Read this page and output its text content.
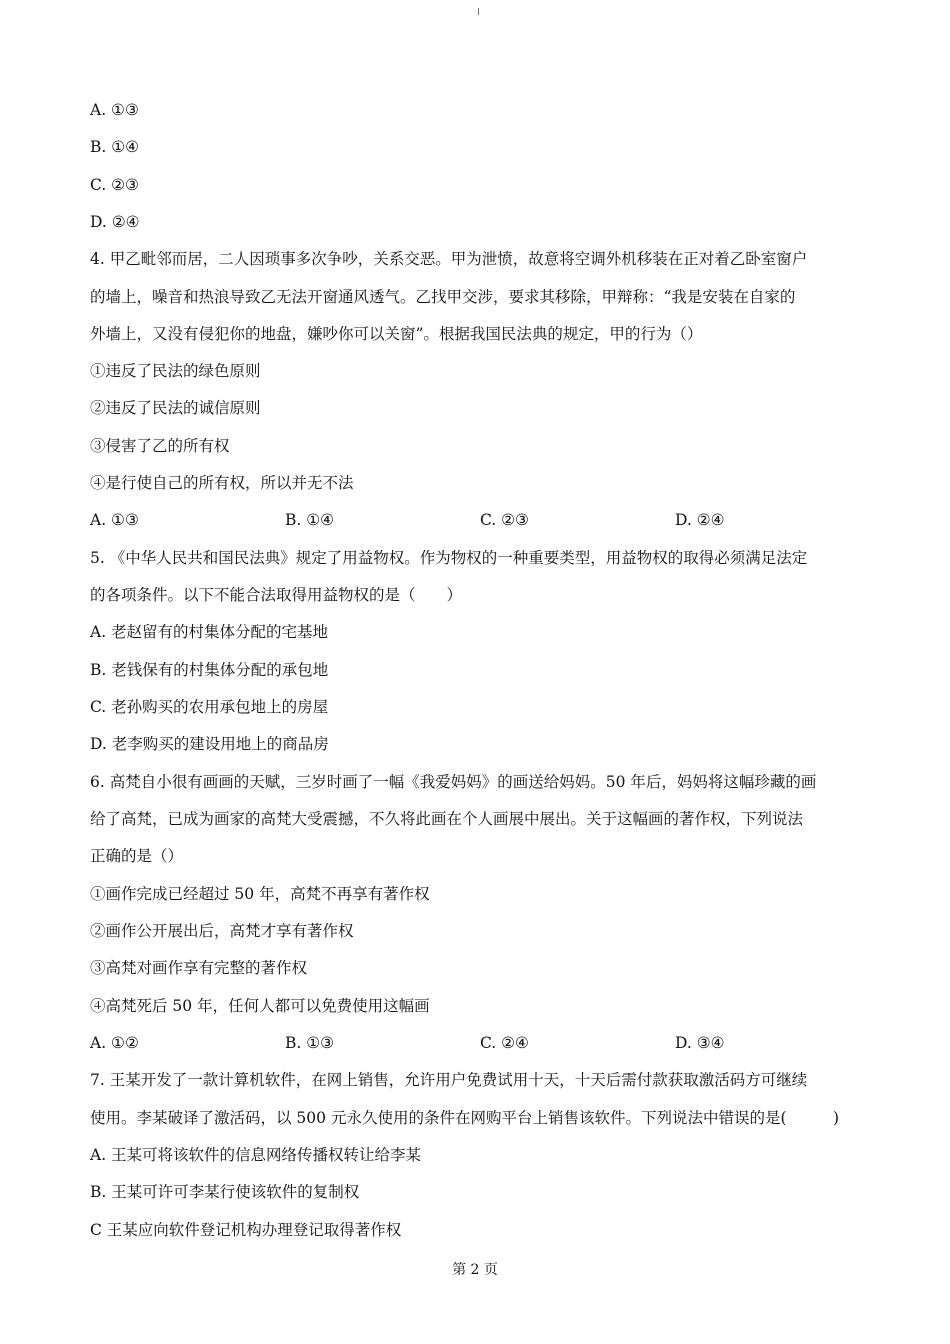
A. ①③
B. ①④
C. ②③
D. ②④
4. 甲乙毗邻而居，二人因琐事多次争吵，关系交恶。甲为泄愤，故意将空调外机移装在正对着乙卧室窗户
的墙上，噪音和热浪导致乙无法开窗通风透气。乙找甲交涉，要求其移除，甲辩称：“我是安装在自家的
外墙上，又没有侵犯你的地盘，嫌吵你可以关窗”。根据我国民法典的规定，甲的行为（）
①违反了民法的绿色原则
②违反了民法的诚信原则
③侵害了乙的所有权
④是行使自己的所有权，所以并无不法
A. ①③	B. ①④	C. ②③	D. ②④
5. 《中华人民共和国民法典》规定了用益物权。作为物权的一种重要类型，用益物权的取得必须满足法定
的各项条件。以下不能合法取得用益物权的是（　　）
A. 老赵留有的村集体分配的宅基地
B. 老钱保有的村集体分配的承包地
C. 老孙购买的农用承包地上的房屋
D. 老李购买的建设用地上的商品房
6. 高梵自小很有画画的天赋，三岁时画了一幅《我爱妈妈》的画送给妈妈。50 年后，妈妈将这幅珍藏的画
给了高梵，已成为画家的高梵大受震撼，不久将此画在个人画展中展出。关于这幅画的著作权，下列说法
正确的是（）
①画作完成已经超过 50 年，高梵不再享有著作权
②画作公开展出后，高梵才享有著作权
③高梵对画作享有完整的著作权
④高梵死后 50 年，任何人都可以免费使用这幅画
A. ①②	B. ①③	C. ②④	D. ③④
7. 王某开发了一款计算机软件，在网上销售，允许用户免费试用十天，十天后需付款获取激活码方可继续
使用。李某破译了激活码，以 500 元永久使用的条件在网购平台上销售该软件。下列说法中错误的是(　　　)
A. 王某可将该软件的信息网络传播权转让给李某
B. 王某可许可李某行使该软件的复制权
C 王某应向软件登记机构办理登记取得著作权
第 2 页
